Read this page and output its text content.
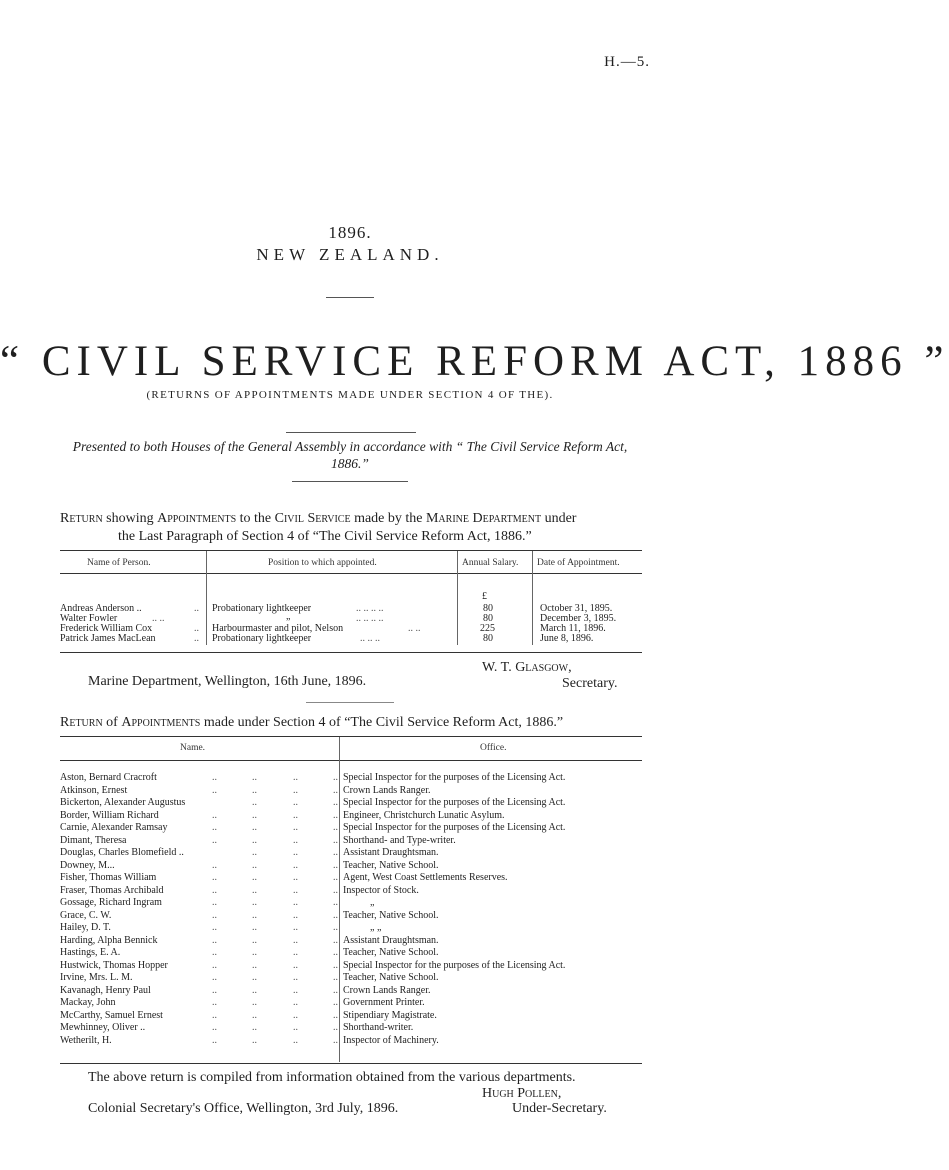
H.—5.
1896.
NEW ZEALAND.
“ CIVIL SERVICE REFORM ACT, 1886 ”
(RETURNS OF APPOINTMENTS MADE UNDER SECTION 4 OF THE).
Presented to both Houses of the General Assembly in accordance with “ The Civil Service Reform Act, 1886.”
Return showing Appointments to the Civil Service made by the Marine Department under
the Last Paragraph of Section 4 of “The Civil Service Reform Act, 1886.”
Name of Person.	Position to which appointed.	Annual Salary. Date of Appointment.
£
Andreas Anderson ..	.. Probationary lightkeeper	.. .. .. ..	80	October 31, 1895.
Walter Fowler	.. ..	„	.. .. .. ..	80	December 3, 1895.
Frederick William Cox	.. Harbourmaster and pilot, Nelson	.. ..	225	March 11, 1896.
Patrick James MacLean	.. Probationary lightkeeper	.. .. ..	80	June 8, 1896.
W. T. Glasgow,
Marine Department, Wellington, 16th June, 1896.	Secretary.
Return of Appointments made under Section 4 of “The Civil Service Reform Act, 1886.”
Name.	Office.
Aston, Bernard Cracroft	..	..	..	.. Special Inspector for the purposes of the Licensing Act.
Atkinson, Ernest	..	..	..	.. Crown Lands Ranger.
Bickerton, Alexander Augustus	..	..	.. Special Inspector for the purposes of the Licensing Act.
Border, William Richard	..	..	..	.. Engineer, Christchurch Lunatic Asylum.
Carnie, Alexander Ramsay	..	..	..	.. Special Inspector for the purposes of the Licensing Act.
Dimant, Theresa	..	..	..	.. Shorthand- and Type-writer.
Douglas, Charles Blomefield ..	..	..	.. Assistant Draughtsman.
Downey, M...	..	..	..	.. Teacher, Native School.
Fisher, Thomas William	..	..	..	.. Agent, West Coast Settlements Reserves.
Fraser, Thomas Archibald	..	..	..	.. Inspector of Stock.
Gossage, Richard Ingram	..	..	..	..	„
Grace, C. W.	..	..	..	.. Teacher, Native School.
Hailey, D. T.	..	..	..	..	„ „
Harding, Alpha Bennick	..	..	..	.. Assistant Draughtsman.
Hastings, E. A.	..	..	..	.. Teacher, Native School.
Hustwick, Thomas Hopper	..	..	..	.. Special Inspector for the purposes of the Licensing Act.
Irvine, Mrs. L. M.	..	..	..	.. Teacher, Native School.
Kavanagh, Henry Paul	..	..	..	.. Crown Lands Ranger.
Mackay, John	..	..	..	.. Government Printer.
McCarthy, Samuel Ernest	..	..	..	.. Stipendiary Magistrate.
Mewhinney, Oliver ..	..	..	..	.. Shorthand-writer.
Wetherilt, H.	..	..	..	.. Inspector of Machinery.
The above return is compiled from information obtained from the various departments.
Hugh Pollen,
Colonial Secretary's Office, Wellington, 3rd July, 1896.	Under-Secretary.
